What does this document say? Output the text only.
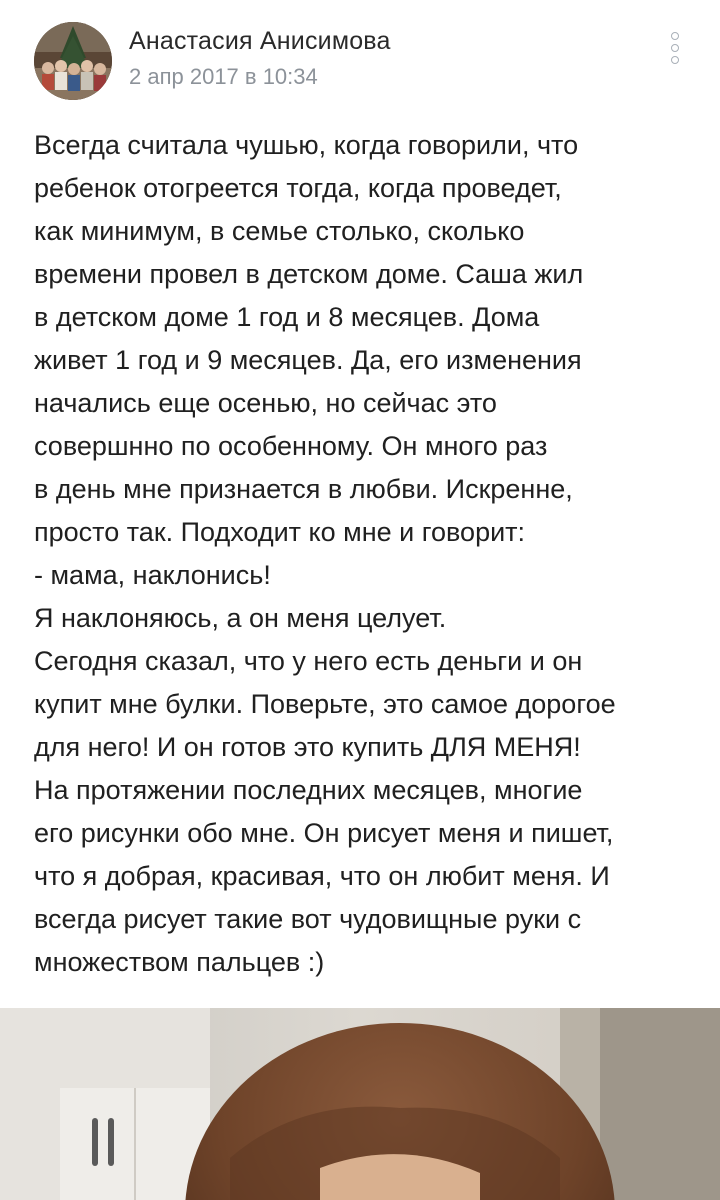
Анастасия Анисимова
2 апр 2017 в 10:34
Всегда считала чушью, когда говорили, что
ребенок отогреется тогда, когда проведет,
как минимум, в семье столько, сколько
времени провел в детском доме. Саша жил
в детском доме 1 год и 8 месяцев. Дома
живет 1 год и 9 месяцев. Да, его изменения
начались еще осенью, но сейчас это
совершнно по особенному. Он много раз
в день мне признается в любви. Искренне,
просто так. Подходит ко мне и говорит:
- мама, наклонись!
Я наклоняюсь, а он меня целует.
Сегодня сказал, что у него есть деньги и он
купит мне булки. Поверьте, это самое дорогое
для него! И он готов это купить ДЛЯ МЕНЯ!
На протяжении последних месяцев, многие
его рисунки обо мне. Он рисует меня и пишет,
что я добрая, красивая, что он любит меня. И
всегда рисует такие вот чудовищные руки с
множеством пальцев :)
